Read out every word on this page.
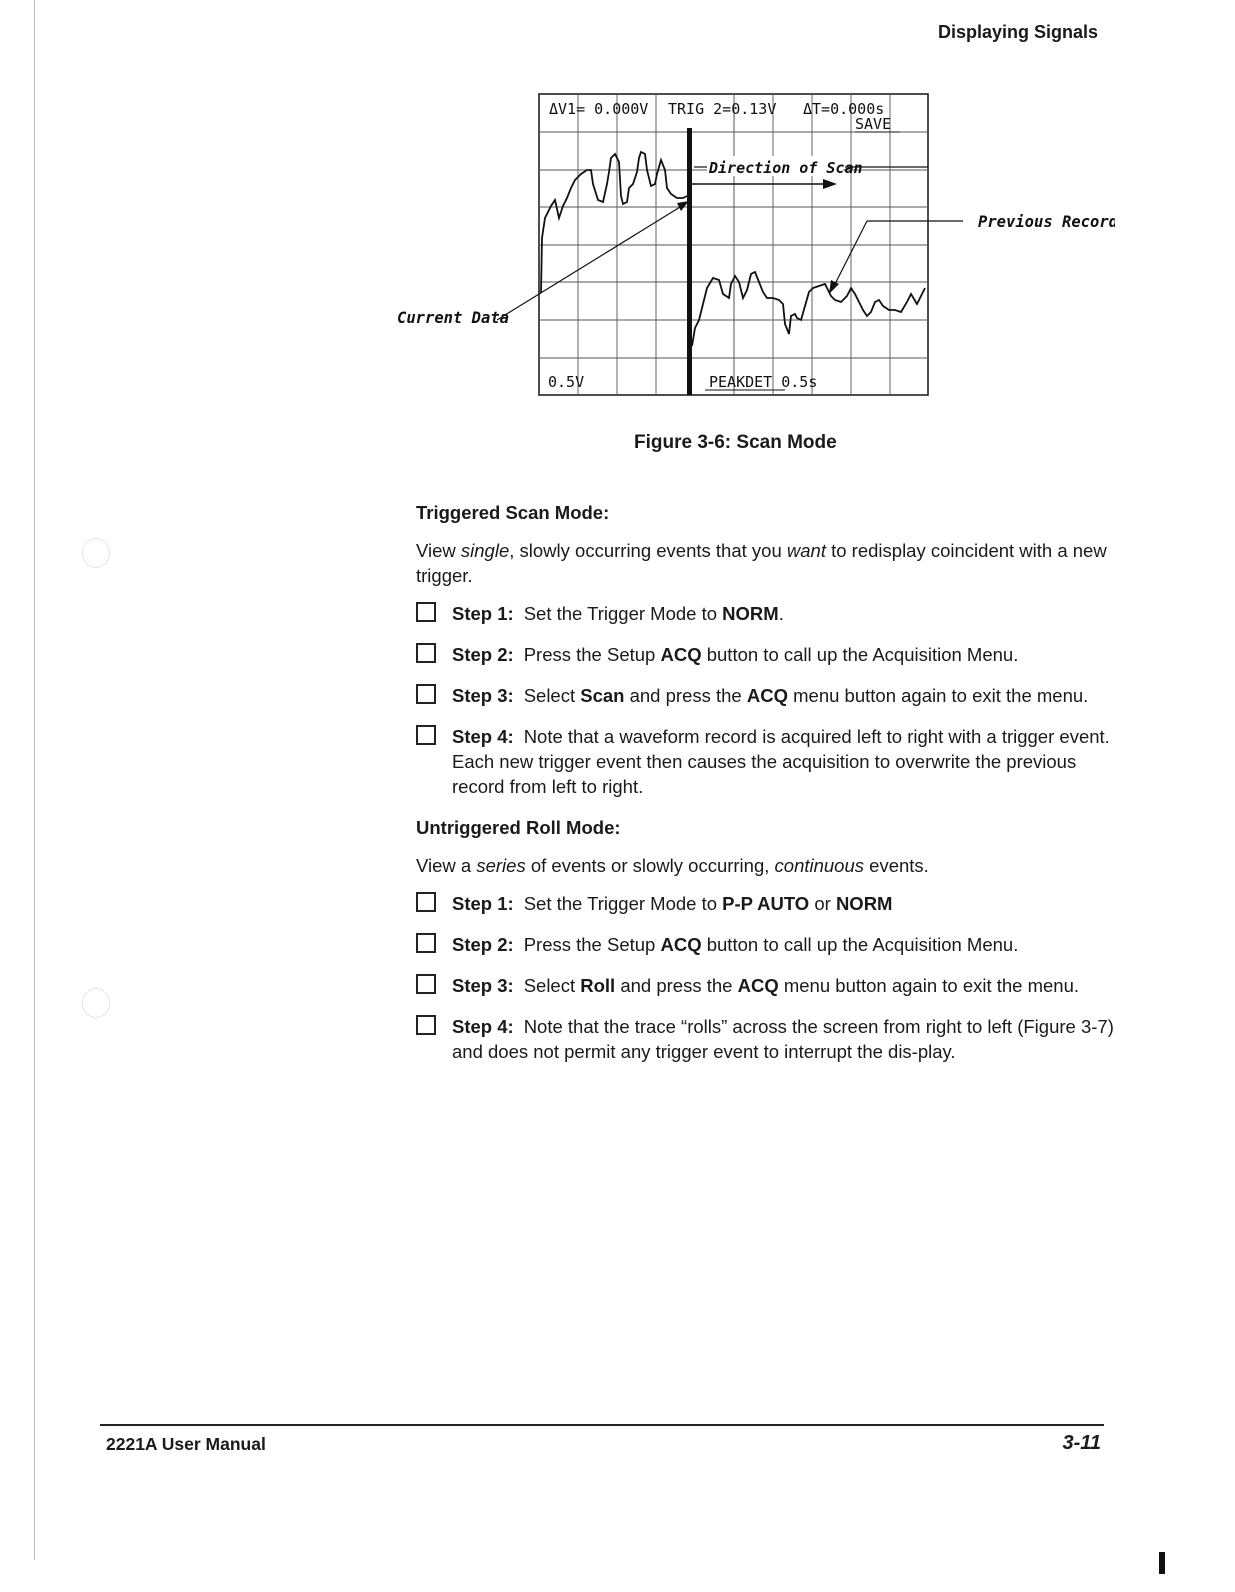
Displaying Signals
ΔV1= 0.000V TRIG 2=0.13V ΔT=0.000s
SAVE
0.5V	PEAKDET 0.5s
Direction of Scan
Previous Record
Current Data
Figure 3-6: Scan Mode
Triggered Scan Mode:
View single, slowly occurring events that you want to redisplay coincident with a new trigger.
Step 1: Set the Trigger Mode to NORM.
Step 2: Press the Setup ACQ button to call up the Acquisition Menu.
Step 3: Select Scan and press the ACQ menu button again to exit the menu.
Step 4: Note that a waveform record is acquired left to right with a trigger event. Each new trigger event then causes the acquisition to overwrite the previous record from left to right.
Untriggered Roll Mode:
View a series of events or slowly occurring, continuous events.
Step 1: Set the Trigger Mode to P-P AUTO or NORM
Step 2: Press the Setup ACQ button to call up the Acquisition Menu.
Step 3: Select Roll and press the ACQ menu button again to exit the menu.
Step 4: Note that the trace “rolls” across the screen from right to left (Figure 3-7) and does not permit any trigger event to interrupt the dis-play.
2221A User Manual	3-11
